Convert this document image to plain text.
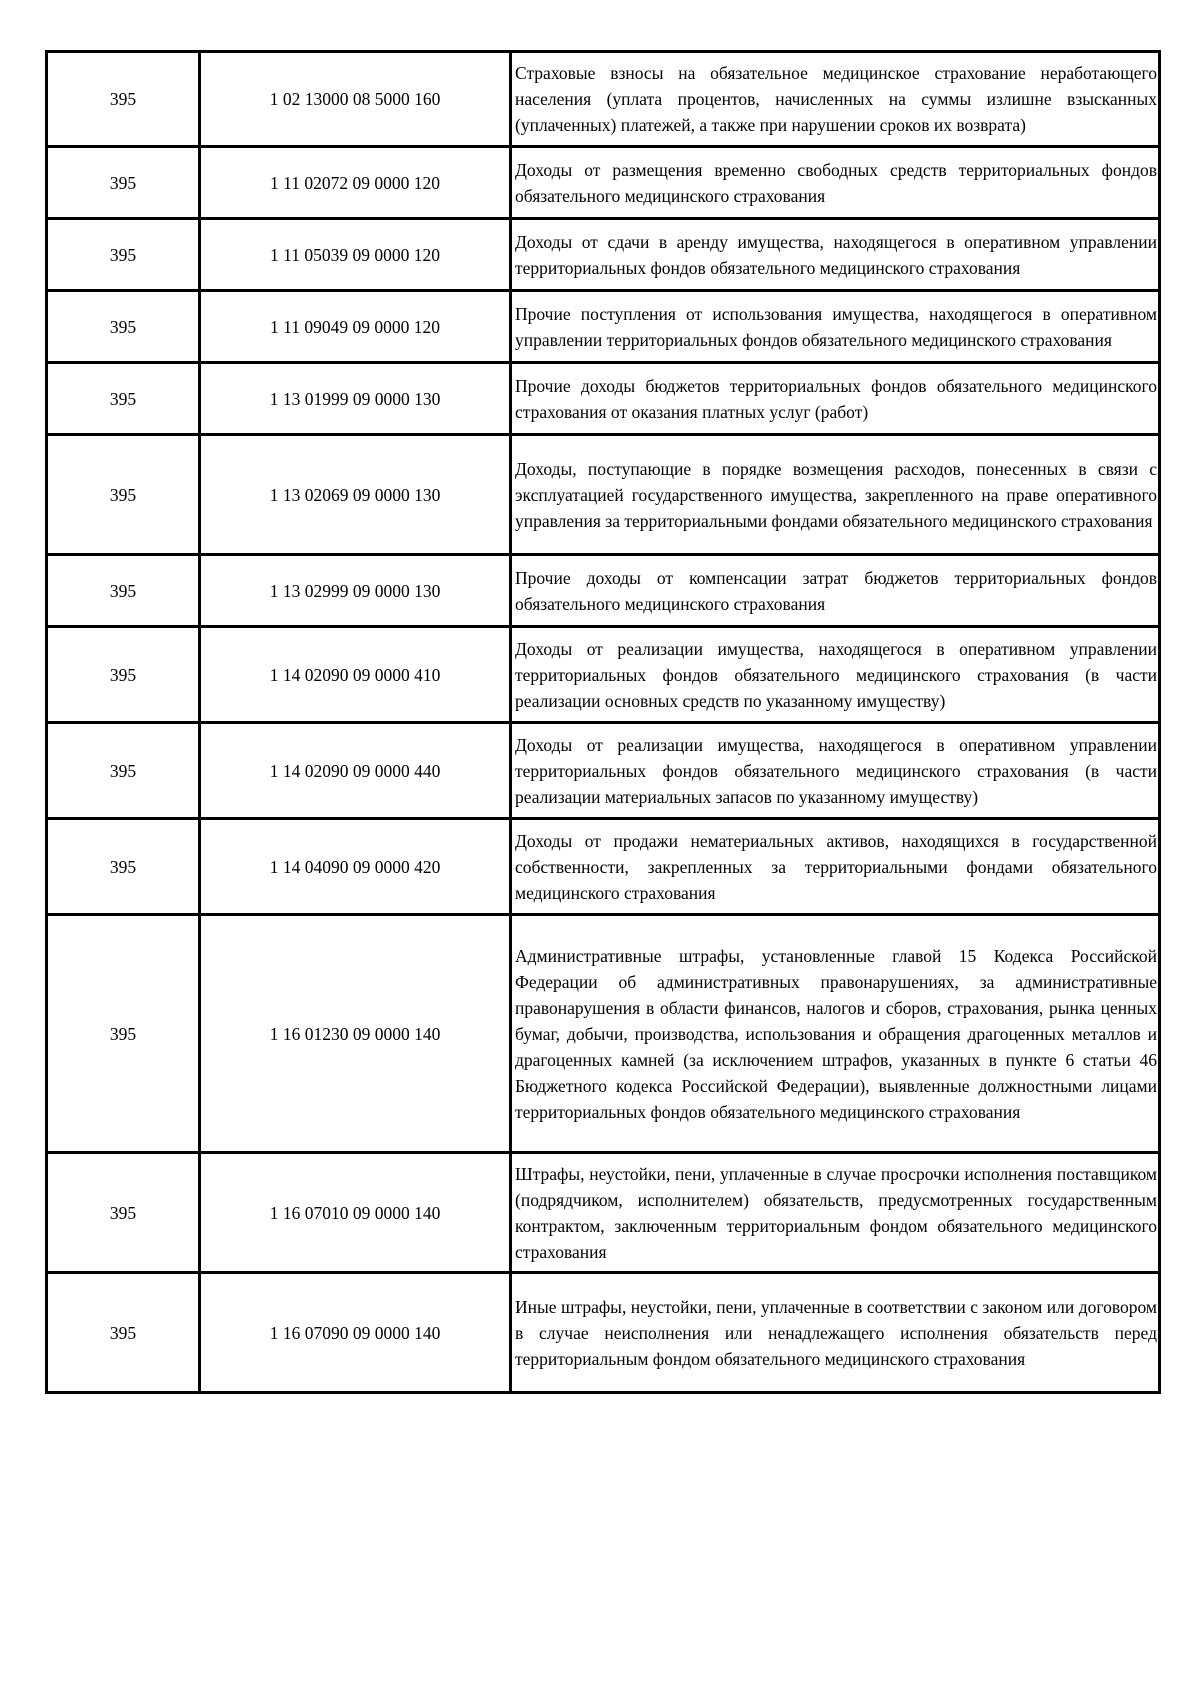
395	1 02 13000 08 5000 160	Страховые взносы на обязательное медицинское страхование неработающего населения (уплата процентов, начисленных на суммы излишне взысканных (уплаченных) платежей, а также при нарушении сроков их возврата)

395	1 11 02072 09 0000 120	Доходы от размещения временно свободных средств территориальных фондов обязательного медицинского страхования

395	1 11 05039 09 0000 120	Доходы от сдачи в аренду имущества, находящегося в оперативном управлении территориальных фондов обязательного медицинского страхования

395	1 11 09049 09 0000 120	Прочие поступления от использования имущества, находящегося в оперативном управлении территориальных фондов обязательного медицинского страхования

395	1 13 01999 09 0000 130	Прочие доходы бюджетов территориальных фондов обязательного медицинского страхования от оказания платных услуг (работ)

395	1 13 02069 09 0000 130	Доходы, поступающие в порядке возмещения расходов, понесенных в связи с эксплуатацией государственного имущества, закрепленного на праве оперативного управления за территориальными фондами обязательного медицинского страхования

395	1 13 02999 09 0000 130	Прочие доходы от компенсации затрат бюджетов территориальных фондов обязательного медицинского страхования

395	1 14 02090 09 0000 410	Доходы от реализации имущества, находящегося в оперативном управлении территориальных фондов обязательного медицинского страхования (в части реализации основных средств по указанному имуществу)

395	1 14 02090 09 0000 440	Доходы от реализации имущества, находящегося в оперативном управлении территориальных фондов обязательного медицинского страхования (в части реализации материальных запасов по указанному имуществу)

395	1 14 04090 09 0000 420	Доходы от продажи нематериальных активов, находящихся в государственной собственности, закрепленных за территориальными фондами обязательного медицинского страхования

395	1 16 01230 09 0000 140	Административные штрафы, установленные главой 15 Кодекса Российской Федерации об административных правонарушениях, за административные правонарушения в области финансов, налогов и сборов, страхования, рынка ценных бумаг, добычи, производства, использования и обращения драгоценных металлов и драгоценных камней (за исключением штрафов, указанных в пункте 6 статьи 46 Бюджетного кодекса Российской Федерации), выявленные должностными лицами территориальных фондов обязательного медицинского страхования

395	1 16 07010 09 0000 140	Штрафы, неустойки, пени, уплаченные в случае просрочки исполнения поставщиком (подрядчиком, исполнителем) обязательств, предусмотренных государственным контрактом, заключенным территориальным фондом обязательного медицинского страхования

395	1 16 07090 09 0000 140	Иные штрафы, неустойки, пени, уплаченные в соответствии с законом или договором в случае неисполнения или ненадлежащего исполнения обязательств перед территориальным фондом обязательного медицинского страхования
